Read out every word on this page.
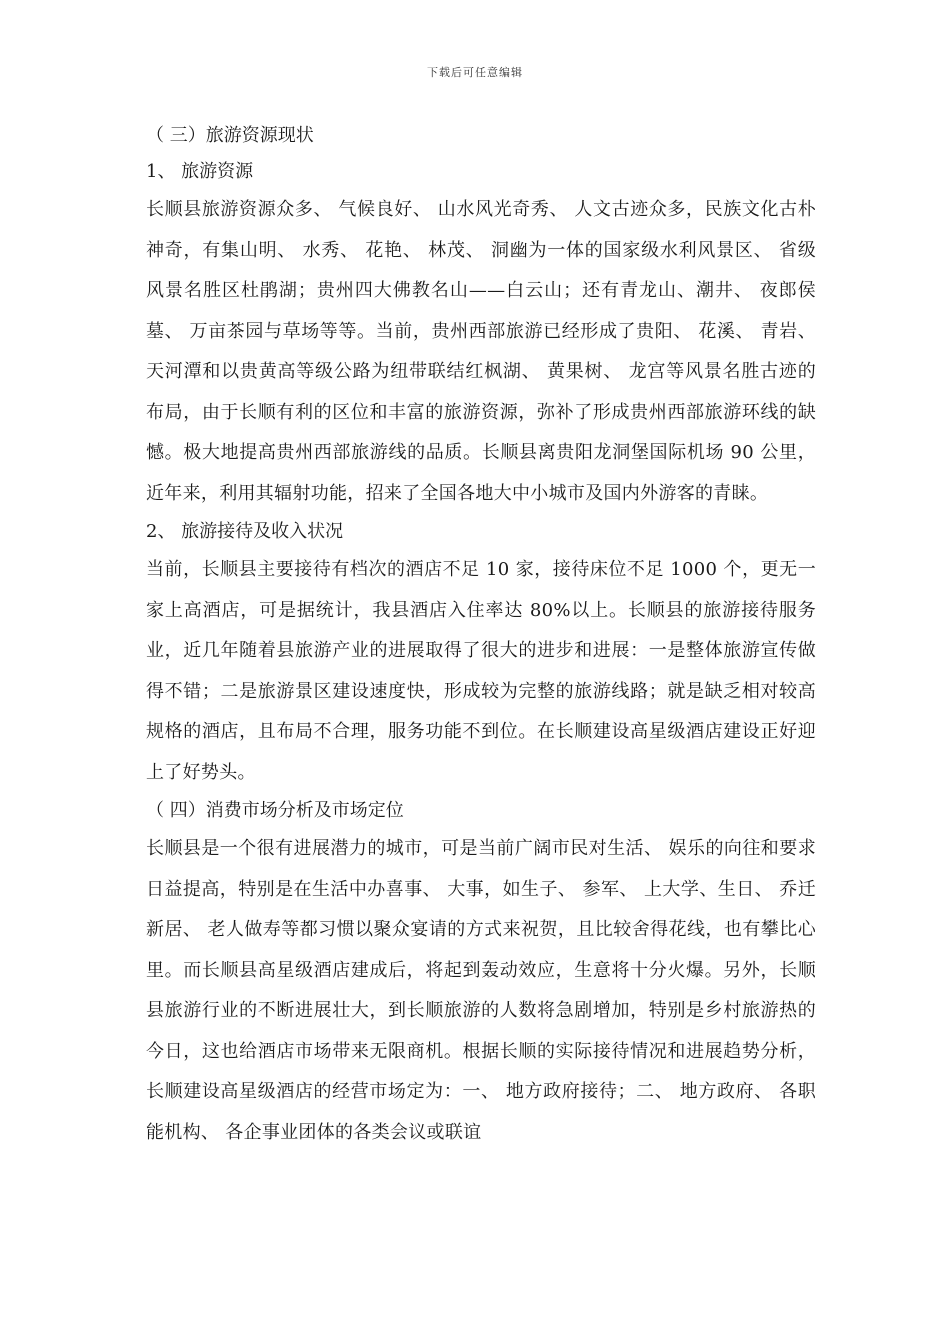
下载后可任意编辑
（ 三）旅游资源现状
1、 旅游资源

长顺县旅游资源众多、 气候良好、 山水风光奇秀、 人文古迹众多，民族文化古朴神奇，有集山明、 水秀、 花艳、 林茂、 洞幽为一体的国家级水利风景区、 省级风景名胜区杜鹃湖；贵州四大佛教名山——白云山；还有青龙山、潮井、 夜郎侯墓、 万亩茶园与草场等等。当前，贵州西部旅游已经形成了贵阳、 花溪、 青岩、 天河潭和以贵黄高等级公路为纽带联结红枫湖、 黄果树、 龙宫等风景名胜古迹的布局，由于长顺有利的区位和丰富的旅游资源，弥补了形成贵州西部旅游环线的缺憾。极大地提高贵州西部旅游线的品质。长顺县离贵阳龙洞堡国际机场 90 公里，近年来，利用其辐射功能，招来了全国各地大中小城市及国内外游客的青睐。

2、 旅游接待及收入状况

当前，长顺县主要接待有档次的酒店不足 10 家，接待床位不足 1000 个，更无一家上高酒店，可是据统计，我县酒店入住率达 80%以上。长顺县的旅游接待服务业，近几年随着县旅游产业的进展取得了很大的进步和进展：一是整体旅游宣传做得不错；二是旅游景区建设速度快，形成较为完整的旅游线路；就是缺乏相对较高规格的酒店，且布局不合理，服务功能不到位。在长顺建设高星级酒店建设正好迎上了好势头。

（ 四）消费市场分析及市场定位

长顺县是一个很有进展潜力的城市，可是当前广阔市民对生活、 娱乐的向往和要求日益提高，特别是在生活中办喜事、 大事，如生子、 参军、 上大学、生日、 乔迁新居、 老人做寿等都习惯以聚众宴请的方式来祝贺，且比较舍得花线，也有攀比心里。而长顺县高星级酒店建成后，将起到轰动效应，生意将十分火爆。另外，长顺县旅游行业的不断进展壮大，到长顺旅游的人数将急剧增加，特别是乡村旅游热的今日，这也给酒店市场带来无限商机。根据长顺的实际接待情况和进展趋势分析，长顺建设高星级酒店的经营市场定为：一、 地方政府接待；二、 地方政府、 各职能机构、 各企事业团体的各类会议或联谊
